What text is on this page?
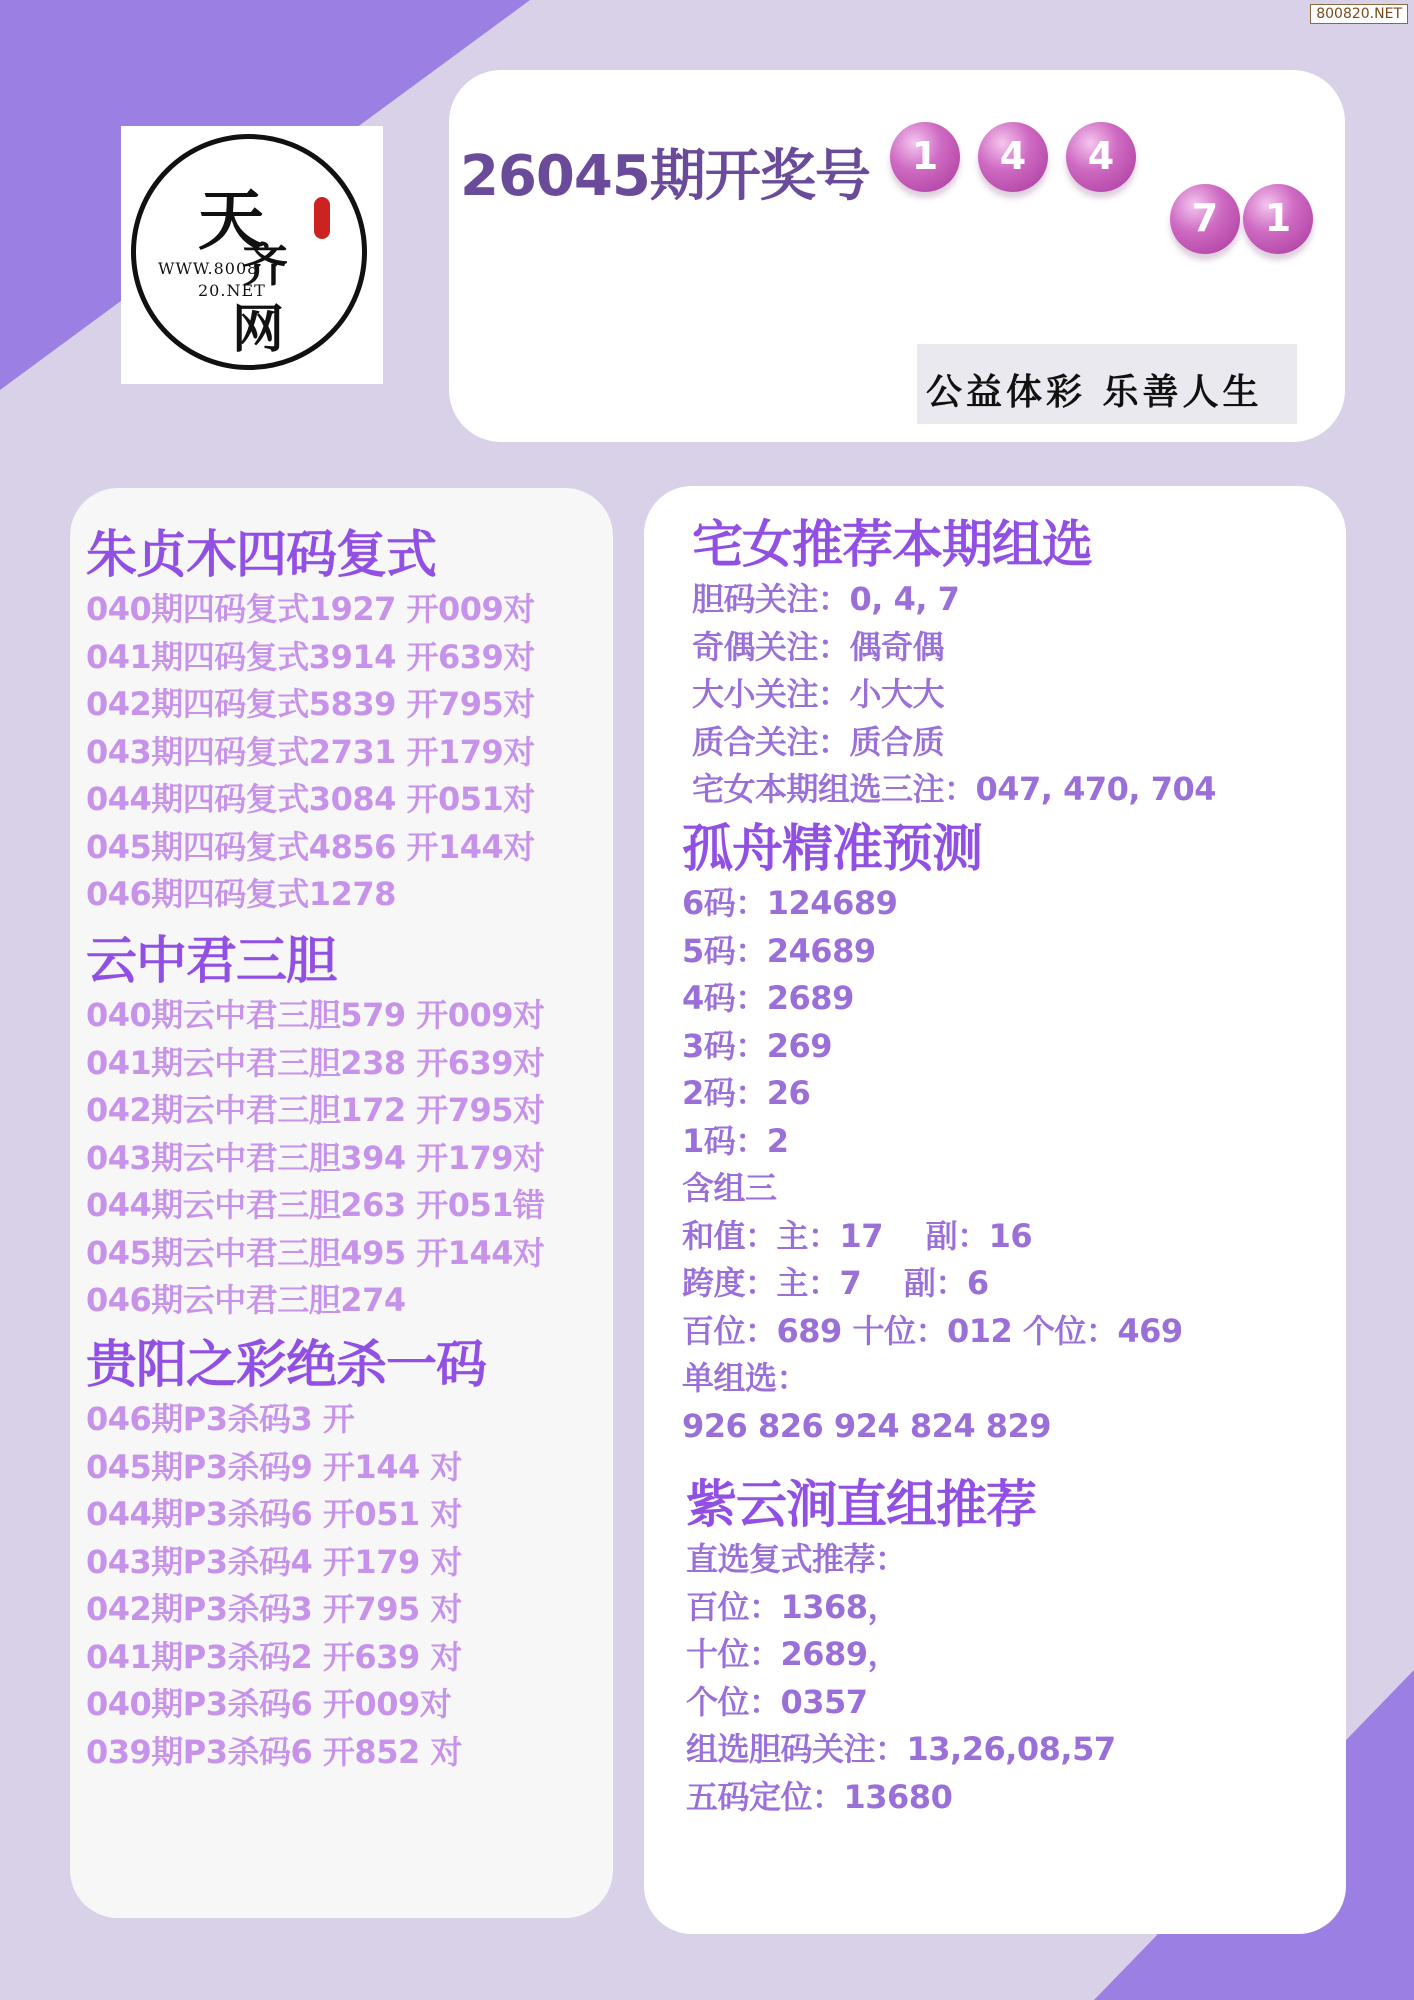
800820.NET
天
齐
网
WWW.8008
20.NET
26045期开奖号	1	4	4
7	1
公益体彩 乐善人生
朱贞木四码复式
040期四码复式1927 开009对
041期四码复式3914 开639对
042期四码复式5839 开795对
043期四码复式2731 开179对
044期四码复式3084 开051对
045期四码复式4856 开144对
046期四码复式1278
云中君三胆
040期云中君三胆579 开009对
041期云中君三胆238 开639对
042期云中君三胆172 开795对
043期云中君三胆394 开179对
044期云中君三胆263 开051错
045期云中君三胆495 开144对
046期云中君三胆274
贵阳之彩绝杀一码
046期P3杀码3 开
045期P3杀码9 开144 对
044期P3杀码6 开051 对
043期P3杀码4 开179 对
042期P3杀码3 开795 对
041期P3杀码2 开639 对
040期P3杀码6 开009对
039期P3杀码6 开852 对
宅女推荐本期组选
胆码关注：0, 4, 7
奇偶关注：偶奇偶
大小关注：小大大
质合关注：质合质
宅女本期组选三注：047, 470, 704
孤舟精准预测
6码：124689
5码：24689
4码：2689
3码：269
2码：26
1码：2
含组三
和值：主：17    副：16
跨度：主：7    副：6
百位：689 十位：012 个位：469
单组选：
926 826 924 824 829
紫云涧直组推荐
直选复式推荐：
百位：1368，
十位：2689，
个位：0357
组选胆码关注：13,26,08,57
五码定位：13680
